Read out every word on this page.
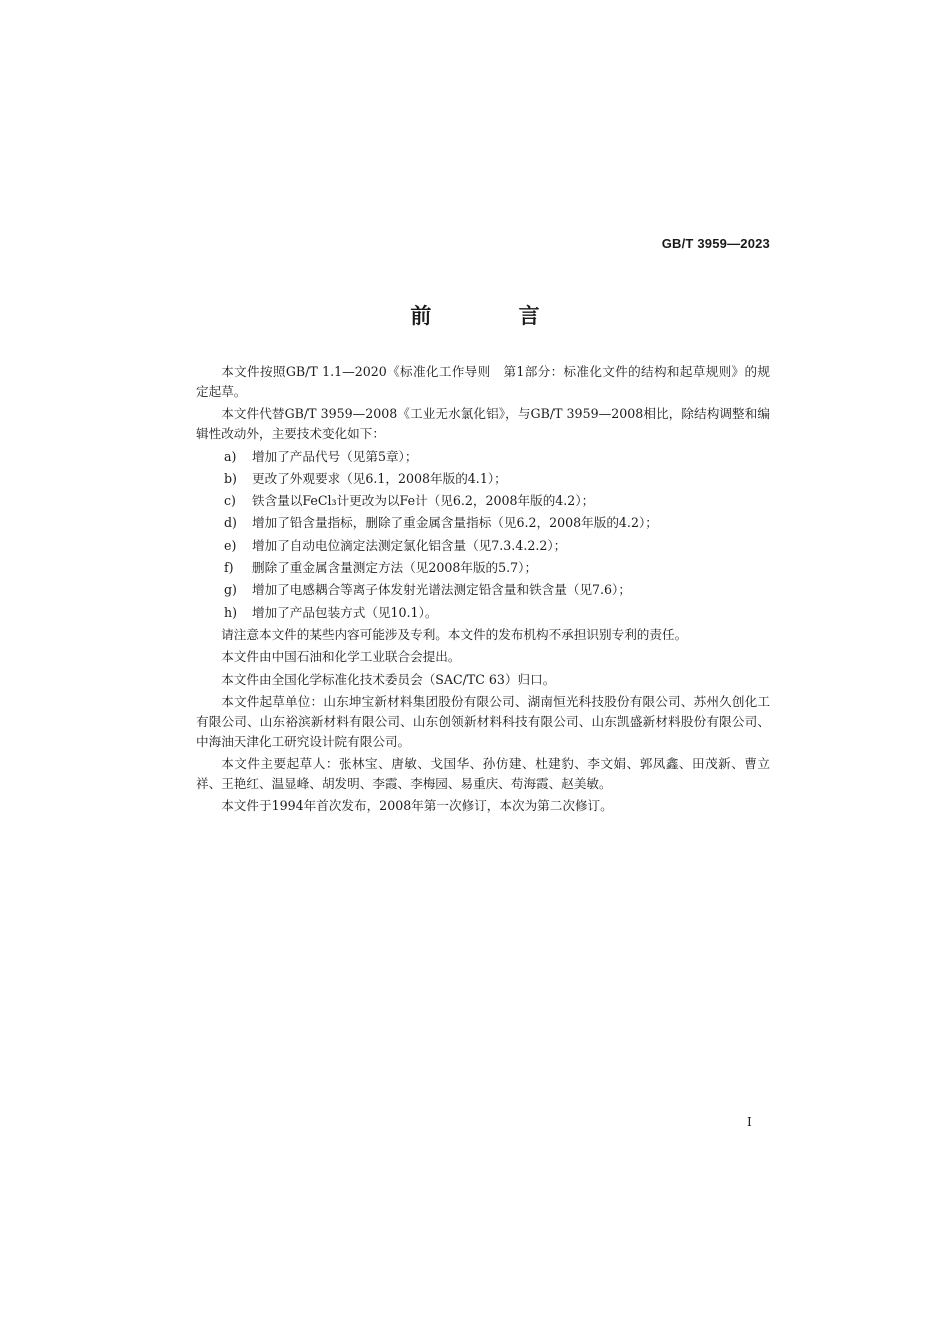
GB/T 3959—2023
前 言

本文件按照GB/T 1.1—2020《标准化工作导则　第1部分：标准化文件的结构和起草规则》的规定起草。

本文件代替GB/T 3959—2008《工业无水氯化铝》，与GB/T 3959—2008相比，除结构调整和编辑性改动外，主要技术变化如下：

a)	增加了产品代号（见第5章）；
b)	更改了外观要求（见6.1，2008年版的4.1）；
c)	铁含量以FeCl₃计更改为以Fe计（见6.2，2008年版的4.2）；
d)	增加了铅含量指标，删除了重金属含量指标（见6.2，2008年版的4.2）；
e)	增加了自动电位滴定法测定氯化铝含量（见7.3.4.2.2）；
f)	删除了重金属含量测定方法（见2008年版的5.7）；
g)	增加了电感耦合等离子体发射光谱法测定铅含量和铁含量（见7.6）；
h)	增加了产品包装方式（见10.1）。

请注意本文件的某些内容可能涉及专利。本文件的发布机构不承担识别专利的责任。

本文件由中国石油和化学工业联合会提出。

本文件由全国化学标准化技术委员会（SAC/TC 63）归口。

本文件起草单位：山东坤宝新材料集团股份有限公司、湖南恒光科技股份有限公司、苏州久创化工有限公司、山东裕滨新材料有限公司、山东创领新材料科技有限公司、山东凯盛新材料股份有限公司、中海油天津化工研究设计院有限公司。

本文件主要起草人：张林宝、唐敏、戈国华、孙仿建、杜建豹、李文娟、郭凤鑫、田茂新、曹立祥、王艳红、温显峰、胡发明、李霞、李梅园、易重庆、苟海霞、赵美敏。

本文件于1994年首次发布，2008年第一次修订，本次为第二次修订。

I
